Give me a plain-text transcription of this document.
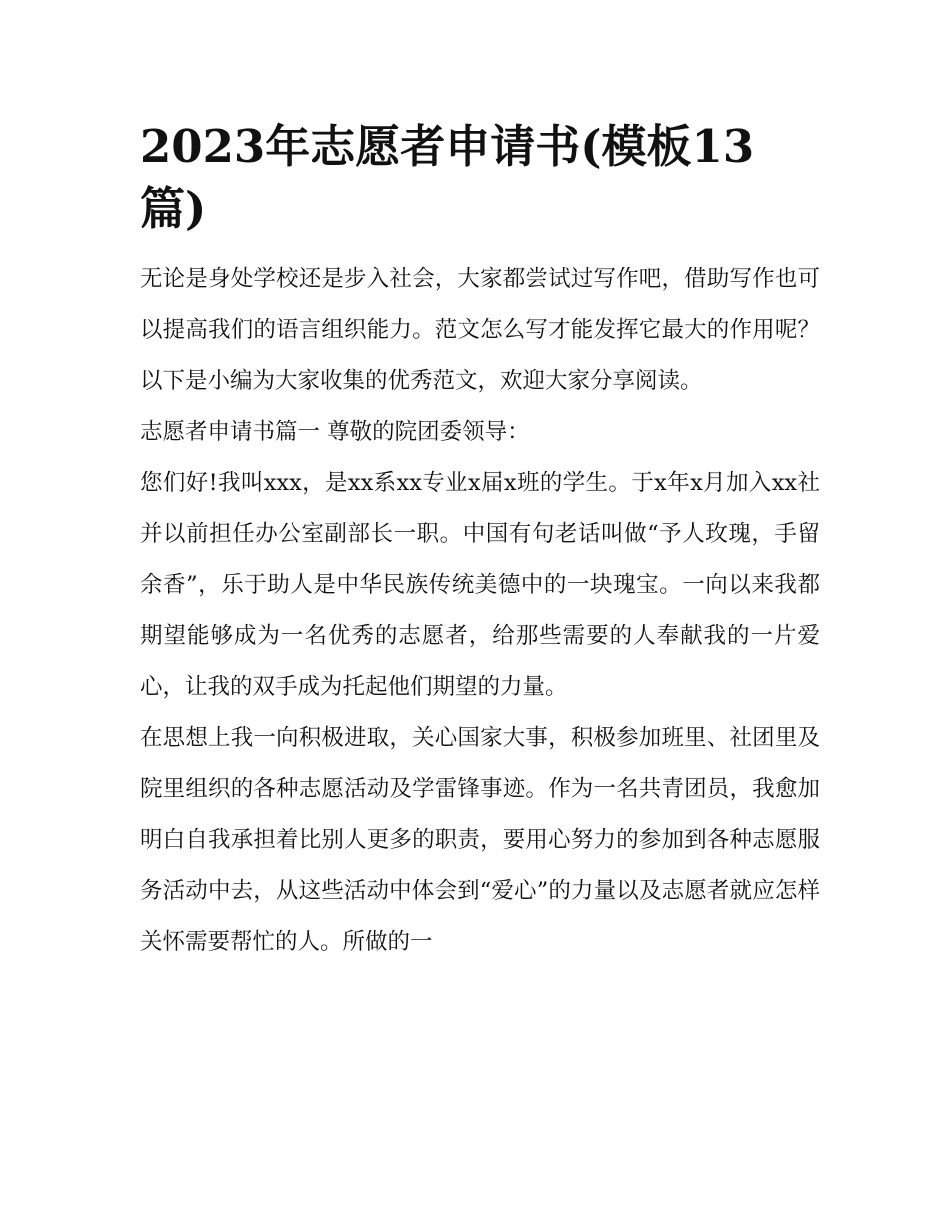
2023年志愿者申请书(模板13篇)

无论是身处学校还是步入社会，大家都尝试过写作吧，借助写作也可以提高我们的语言组织能力。范文怎么写才能发挥它最大的作用呢？以下是小编为大家收集的优秀范文，欢迎大家分享阅读。

志愿者申请书篇一 尊敬的院团委领导：

您们好!我叫xxx，是xx系xx专业x届x班的学生。于x年x月加入xx社并以前担任办公室副部长一职。中国有句老话叫做“予人玫瑰，手留余香”，乐于助人是中华民族传统美德中的一块瑰宝。一向以来我都期望能够成为一名优秀的志愿者，给那些需要的人奉献我的一片爱心，让我的双手成为托起他们期望的力量。

在思想上我一向积极进取，关心国家大事，积极参加班里、社团里及院里组织的各种志愿活动及学雷锋事迹。作为一名共青团员，我愈加明白自我承担着比别人更多的职责，要用心努力的参加到各种志愿服务活动中去，从这些活动中体会到“爱心”的力量以及志愿者就应怎样关怀需要帮忙的人。所做的一
